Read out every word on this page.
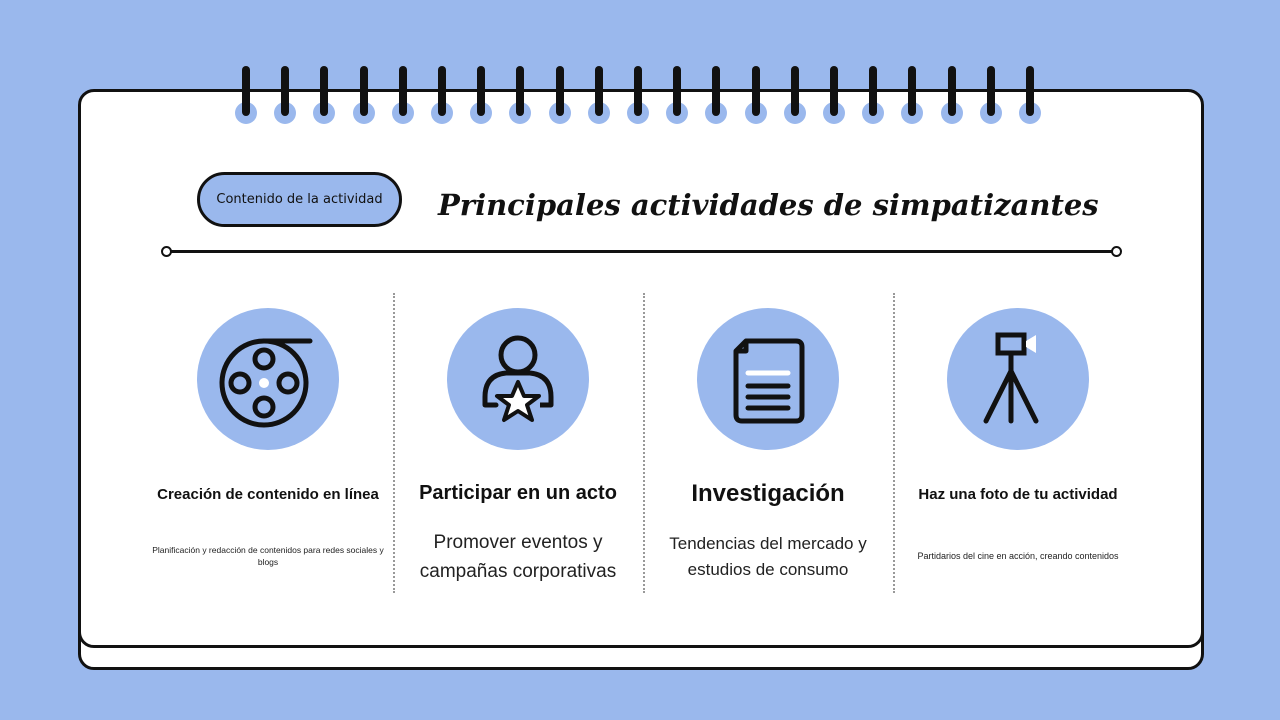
Contenido de la actividad Principales actividades de simpatizantes
Creación de contenido en línea
Planificación y redacción de contenidos para redes sociales y blogs
Participar en un acto
Promover eventos y campañas corporativas
Investigación
Tendencias del mercado y estudios de consumo
Haz una foto de tu actividad
Partidarios del cine en acción, creando contenidos
